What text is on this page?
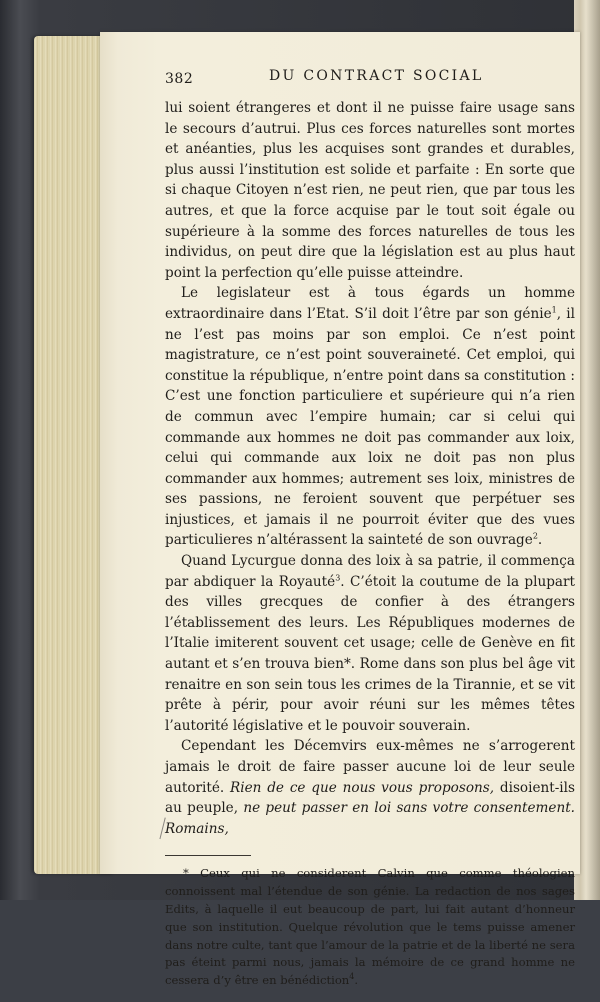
382	DU CONTRACT SOCIAL

lui soient étrangeres et dont il ne puisse faire usage sans le secours d’autrui. Plus ces forces naturelles sont mortes et anéanties, plus les acquises sont grandes et durables, plus aussi l’institution est solide et parfaite : En sorte que si chaque Citoyen n’est rien, ne peut rien, que par tous les autres, et que la force acquise par le tout soit égale ou supérieure à la somme des forces naturelles de tous les individus, on peut dire que la législation est au plus haut point la perfection qu’elle puisse atteindre.

Le legislateur est à tous égards un homme extraordinaire dans l’Etat. S’il doit l’être par son génie$^1$, il ne l’est pas moins par son emploi. Ce n’est point magistrature, ce n’est point souveraineté. Cet emploi, qui constitue la république, n’entre point dans sa constitution : C’est une fonction particuliere et supérieure qui n’a rien de commun avec l’empire humain; car si celui qui commande aux hommes ne doit pas commander aux loix, celui qui commande aux loix ne doit pas non plus commander aux hommes; autrement ses loix, ministres de ses passions, ne feroient souvent que perpétuer ses injustices, et jamais il ne pourroit éviter que des vues particulieres n’altérassent la sainteté de son ouvrage$^2$.

Quand Lycurgue donna des loix à sa patrie, il commença par abdiquer la Royauté$^3$. C’étoit la coutume de la plupart des villes grecques de confier à des étrangers l’établissement des leurs. Les Républiques modernes de l’Italie imiterent souvent cet usage; celle de Genève en fit autant et s’en trouva bien*. Rome dans son plus bel âge vit renaitre en son sein tous les crimes de la Tirannie, et se vit prête à périr, pour avoir réuni sur les mêmes têtes l’autorité législative et le pouvoir souverain.

Cependant les Décemvirs eux-mêmes ne s’arrogerent jamais le droit de faire passer aucune loi de leur seule autorité. Rien de ce que nous vous proposons, disoient-ils au peuple, ne peut passer en loi sans votre consentement. Romains,

* Ceux qui ne considerent Calvin que comme théologien connoissent mal l’étendue de son génie. La redaction de nos sages Edits, à laquelle il eut beaucoup de part, lui fait autant d’honneur que son institution. Quelque révolution que le tems puisse amener dans notre culte, tant que l’amour de la patrie et de la liberté ne sera pas éteint parmi nous, jamais la mémoire de ce grand homme ne cessera d’y être en bénédiction$^4$.
